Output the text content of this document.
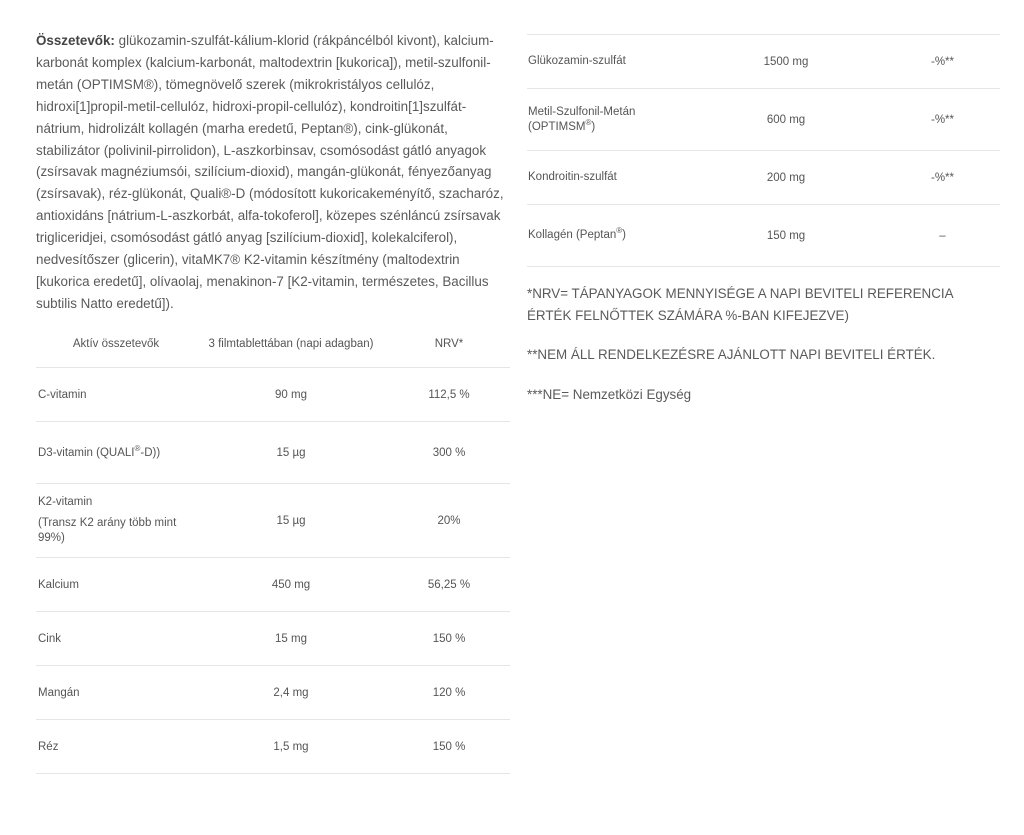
Összetevők: glükozamin-szulfát-kálium-klorid (rákpáncélból kivont), kalcium-karbonát komplex (kalcium-karbonát, maltodextrin [kukorica]), metil-szulfonil-metán (OPTIMSM®), tömegnövelő szerek (mikrokristályos cellulóz, hidroxi[1]propil-metil-cellulóz, hidroxi-propil-cellulóz), kondroitin[1]szulfát-nátrium, hidrolizált kollagén (marha eredetű, Peptan®), cink-glükonát, stabilizátor (polivinil-pirrolidon), L-aszkorbinsav, csomósodást gátló anyagok (zsírsavak magnéziumsói, szilícium-dioxid), mangán-glükonát, fényezőanyag (zsírsavak), réz-glükonát, Quali®-D (módosított kukoricakeményítő, szacharóz, antioxidáns [nátrium-L-aszkorbát, alfa-tokoferol], közepes szénláncú zsírsavak trigliceridjei, csomósodást gátló anyag [szilícium-dioxid], kolekalciferol), nedvesítőszer (glicerin), vitaMK7® K2-vitamin készítmény (maltodextrin [kukorica eredetű], olívaolaj, menakinon-7 [K2-vitamin, természetes, Bacillus subtilis Natto eredetű]).

Aktív összetevők	3 filmtablettában (napi adagban)	NRV*
C-vitamin	90 mg	112,5 %
D3-vitamin (QUALI®-D))	15 µg	300 %
K2-vitamin
(Transz K2 arány több mint 99%)	15 µg	20%
Kalcium	450 mg	56,25 %
Cink	15 mg	150 %
Mangán	2,4 mg	120 %
Réz	1,5 mg	150 %
Glükozamin-szulfát	1500 mg	-%**
Metil-Szulfonil-Metán (OPTIMSM®)	600 mg	-%**
Kondroitin-szulfát	200 mg	-%**
Kollagén (Peptan®)	150 mg	–

*NRV= TÁPANYAGOK MENNYISÉGE A NAPI BEVITELI REFERENCIA ÉRTÉK FELNŐTTEK SZÁMÁRA %-BAN KIFEJEZVE)

**NEM ÁLL RENDELKEZÉSRE AJÁNLOTT NAPI BEVITELI ÉRTÉK.

***NE= Nemzetközi Egység
